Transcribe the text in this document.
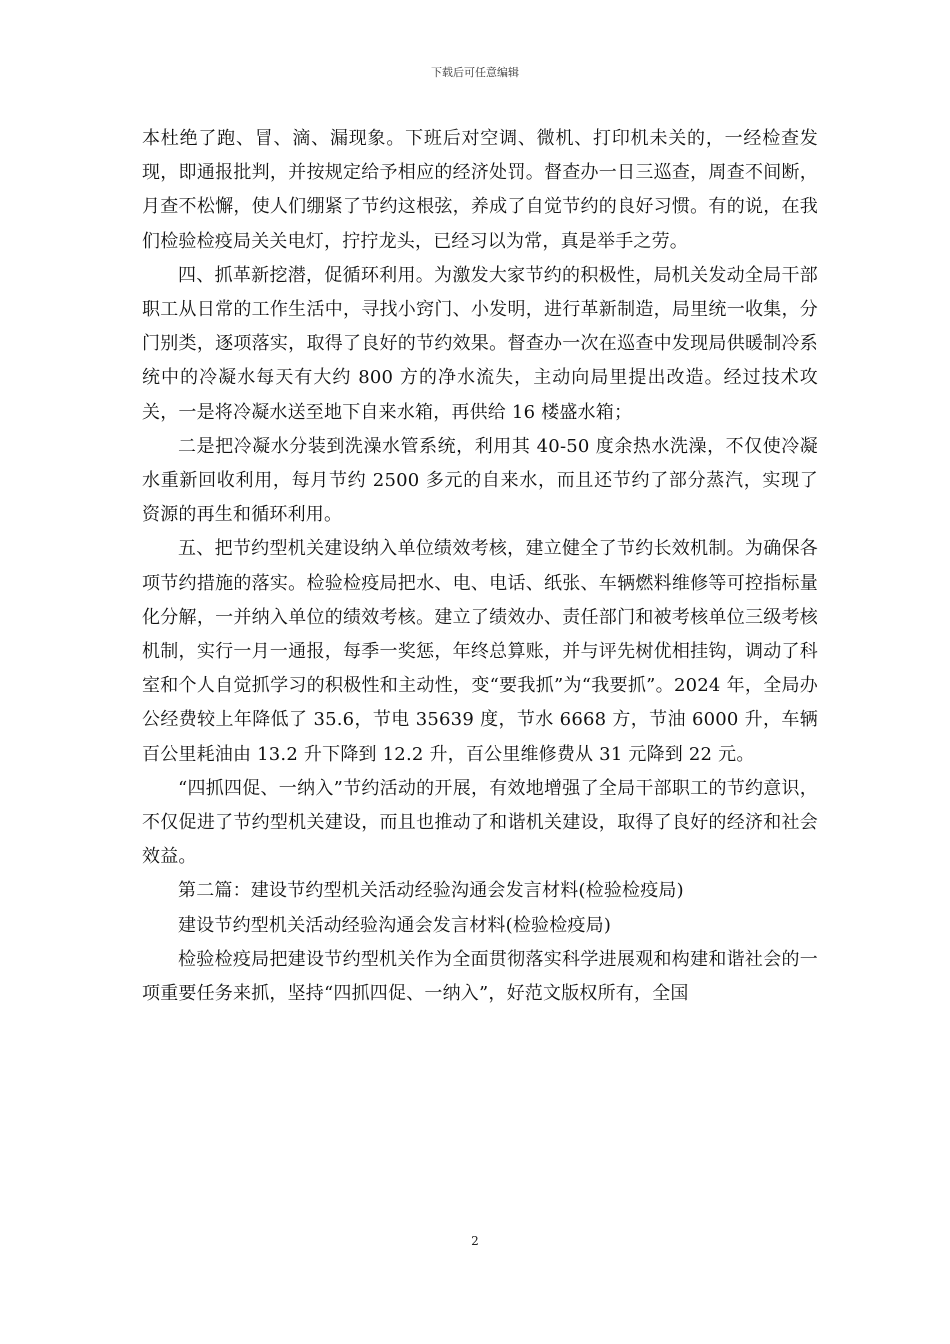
下载后可任意编辑

本杜绝了跑、冒、滴、漏现象。下班后对空调、微机、打印机未关的，一经检查发现，即通报批判，并按规定给予相应的经济处罚。督查办一日三巡查，周查不间断，月查不松懈，使人们绷紧了节约这根弦，养成了自觉节约的良好习惯。有的说，在我们检验检疫局关关电灯，拧拧龙头，已经习以为常，真是举手之劳。

四、抓革新挖潜，促循环利用。为激发大家节约的积极性，局机关发动全局干部职工从日常的工作生活中，寻找小窍门、小发明，进行革新制造，局里统一收集，分门别类，逐项落实，取得了良好的节约效果。督查办一次在巡查中发现局供暖制冷系统中的冷凝水每天有大约 800 方的净水流失，主动向局里提出改造。经过技术攻关，一是将冷凝水送至地下自来水箱，再供给 16 楼盛水箱；

二是把冷凝水分装到洗澡水管系统，利用其 40-50 度余热水洗澡，不仅使冷凝水重新回收利用，每月节约 2500 多元的自来水，而且还节约了部分蒸汽，实现了资源的再生和循环利用。

五、把节约型机关建设纳入单位绩效考核，建立健全了节约长效机制。为确保各项节约措施的落实。检验检疫局把水、电、电话、纸张、车辆燃料维修等可控指标量化分解，一并纳入单位的绩效考核。建立了绩效办、责任部门和被考核单位三级考核机制，实行一月一通报，每季一奖惩，年终总算账，并与评先树优相挂钩，调动了科室和个人自觉抓学习的积极性和主动性，变“要我抓”为“我要抓”。2024 年，全局办公经费较上年降低了 35.6，节电 35639 度，节水 6668 方，节油 6000 升，车辆百公里耗油由 13.2 升下降到 12.2 升，百公里维修费从 31 元降到 22 元。

“四抓四促、一纳入”节约活动的开展，有效地增强了全局干部职工的节约意识，不仅促进了节约型机关建设，而且也推动了和谐机关建设，取得了良好的经济和社会效益。

第二篇：建设节约型机关活动经验沟通会发言材料(检验检疫局)

建设节约型机关活动经验沟通会发言材料(检验检疫局)

检验检疫局把建设节约型机关作为全面贯彻落实科学进展观和构建和谐社会的一项重要任务来抓，坚持“四抓四促、一纳入”，好范文版权所有，全国

2
